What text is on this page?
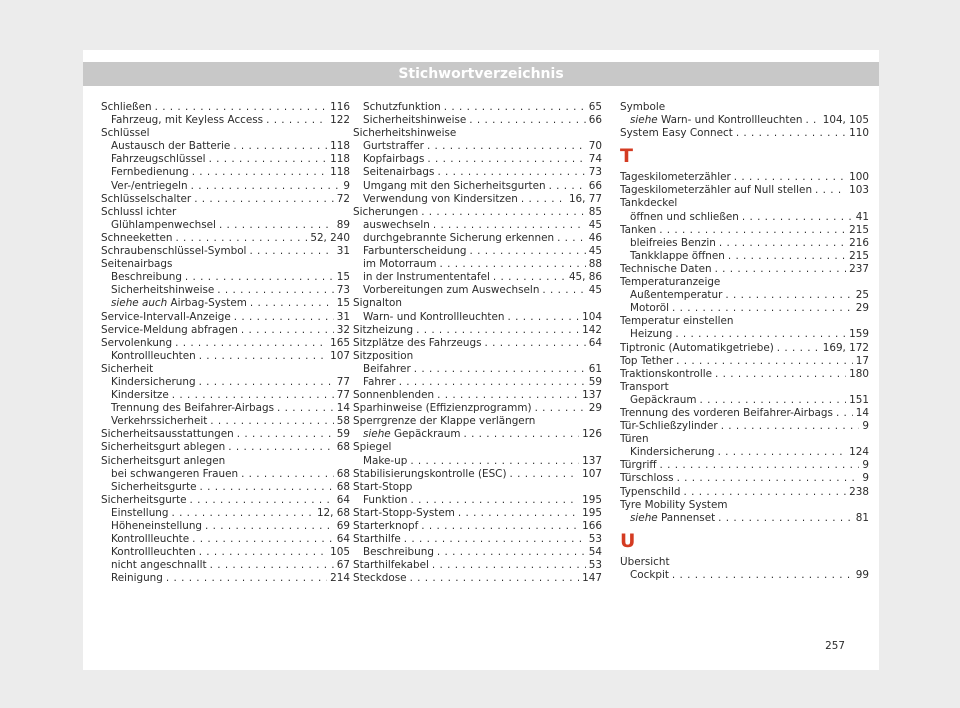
Stichwortverzeichnis
Schließen . . .	116
Fahrzeug, mit Keyless Access . . .	122
Schlüssel
Austausch der Batterie . . .	118
Fahrzeugschlüssel . . .	118
Fernbedienung . . .	118
Ver-/entriegeln . . .	9
Schlüsselschalter . . .	72
Schlussl ichter
Glühlampenwechsel . . .	89
Schneeketten . . .	52, 240
Schraubenschlüssel-Symbol . . .	31
Seitenairbags
Beschreibung . . .	15
Sicherheitshinweise . . .	73
siehe auch Airbag-System . . .	15
Service-Intervall-Anzeige . . .	31
Service-Meldung abfragen . . .	32
Servolenkung . . .	165
Kontrollleuchten . . .	107
Sicherheit
Kindersicherung . . .	77
Kindersitze . . .	77
Trennung des Beifahrer-Airbags . . .	14
Verkehrssicherheit . . .	58
Sicherheitsausstattungen . . .	59
Sicherheitsgurt ablegen . . .	68
Sicherheitsgurt anlegen
bei schwangeren Frauen . . .	68
Sicherheitsgurte . . .	68
Sicherheitsgurte . . .	64
Einstellung . . .	12, 68
Höheneinstellung . . .	69
Kontrollleuchte . . .	64
Kontrollleuchten . . .	105
nicht angeschnallt . . .	67
Reinigung . . .	214
Schutzfunktion . . .	65
Sicherheitshinweise . . .	66
Sicherheitshinweise
Gurtstraffer . . .	70
Kopfairbags . . .	74
Seitenairbags . . .	73
Umgang mit den Sicherheitsgurten . . .	66
Verwendung von Kindersitzen . . .	16, 77
Sicherungen . . .	85
auswechseln . . .	45
durchgebrannte Sicherung erkennen . . .	46
Farbunterscheidung . . .	45
im Motorraum . . .	88
in der Instrumententafel . . .	45, 86
Vorbereitungen zum Auswechseln . . .	45
Signalton
Warn- und Kontrollleuchten . . .	104
Sitzheizung . . .	142
Sitzplätze des Fahrzeugs . . .	64
Sitzposition
Beifahrer . . .	61
Fahrer . . .	59
Sonnenblenden . . .	137
Sparhinweise (Effizienzprogramm) . . .	29
Sperrgrenze der Klappe verlängern
siehe Gepäckraum . . .	126
Spiegel
Make-up . . .	137
Stabilisierungskontrolle (ESC) . . .	107
Start-Stopp
Funktion . . .	195
Start-Stopp-System . . .	195
Starterknopf . . .	166
Starthilfe . . .	53
Beschreibung . . .	54
Starthilfekabel . . .	53
Steckdose . . .	147
Symbole
siehe Warn- und Kontrollleuchten . . . 104, 105
System Easy Connect . . .	110
T
Tageskilometerzähler . . .	100
Tageskilometerzähler auf Null stellen . . .	103
Tankdeckel
öffnen und schließen . . .	41
Tanken . . .	215
bleifreies Benzin . . .	216
Tankklappe öffnen . . .	215
Technische Daten . . .	237
Temperaturanzeige
Außentemperatur . . .	25
Motoröl . . .	29
Temperatur einstellen
Heizung . . .	159
Tiptronic (Automatikgetriebe) . . .	169, 172
Top Tether . . .	17
Traktionskontrolle . . .	180
Transport
Gepäckraum . . .	151
Trennung des vorderen Beifahrer-Airbags . . . 14
Tür-Schließzylinder . . .	9
Türen
Kindersicherung . . .	124
Türgriff . . .	9
Türschloss . . .	9
Typenschild . . .	238
Tyre Mobility System
siehe Pannenset . . .	81
U
Übersicht
Cockpit . . .	99
257
